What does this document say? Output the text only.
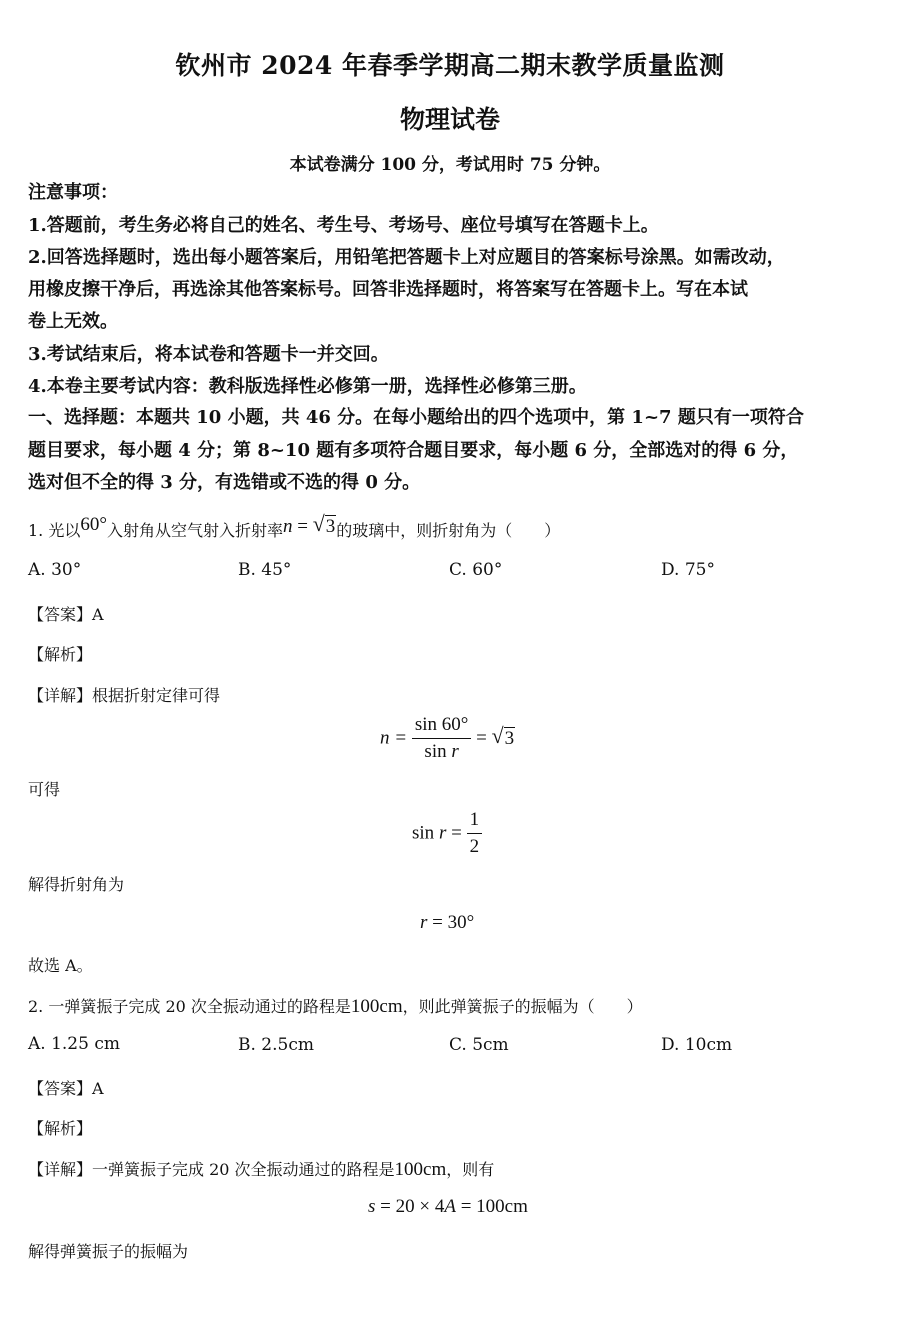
钦州市 2024 年春季学期高二期末教学质量监测
物理试卷
本试卷满分 100 分，考试用时 75 分钟。
注意事项：
1.答题前，考生务必将自己的姓名、考生号、考场号、座位号填写在答题卡上。
2.回答选择题时，选出每小题答案后，用铅笔把答题卡上对应题目的答案标号涂黑。如需改动，
用橡皮擦干净后，再选涂其他答案标号。回答非选择题时，将答案写在答题卡上。写在本试
卷上无效。
3.考试结束后，将本试卷和答题卡一并交回。
4.本卷主要考试内容：教科版选择性必修第一册，选择性必修第三册。
一、选择题：本题共 10 小题，共 46 分。在每小题给出的四个选项中，第 1~7 题只有一项符合
题目要求，每小题 4 分；第 8~10 题有多项符合题目要求，每小题 6 分，全部选对的得 6 分，
选对但不全的得 3 分，有选错或不选的得 0 分。
1. 光以60°入射角从空气射入折射率n = √ 3的玻璃中，则折射角为（　　）
A. 30°	B. 45°	C. 60°	D. 75°
【答案】A
【解析】
【详解】根据折射定律可得
$n = \frac{\sin 60^\circ}{\text{sin r}}$ = √ 3
可得
$\sin r = \frac{1}{2}$
解得折射角为
r = 30°
故选 A。
2. 一弹簧振子完成 20 次全振动通过的路程是100cm，则此弹簧振子的振幅为（　　）
A. 1.25 cm	B. 2.5cm	C. 5cm	D. 10cm
【答案】A
【解析】
【详解】一弹簧振子完成 20 次全振动通过的路程是100cm，则有
s = 20 × 4A = 100cm
解得弹簧振子的振幅为
